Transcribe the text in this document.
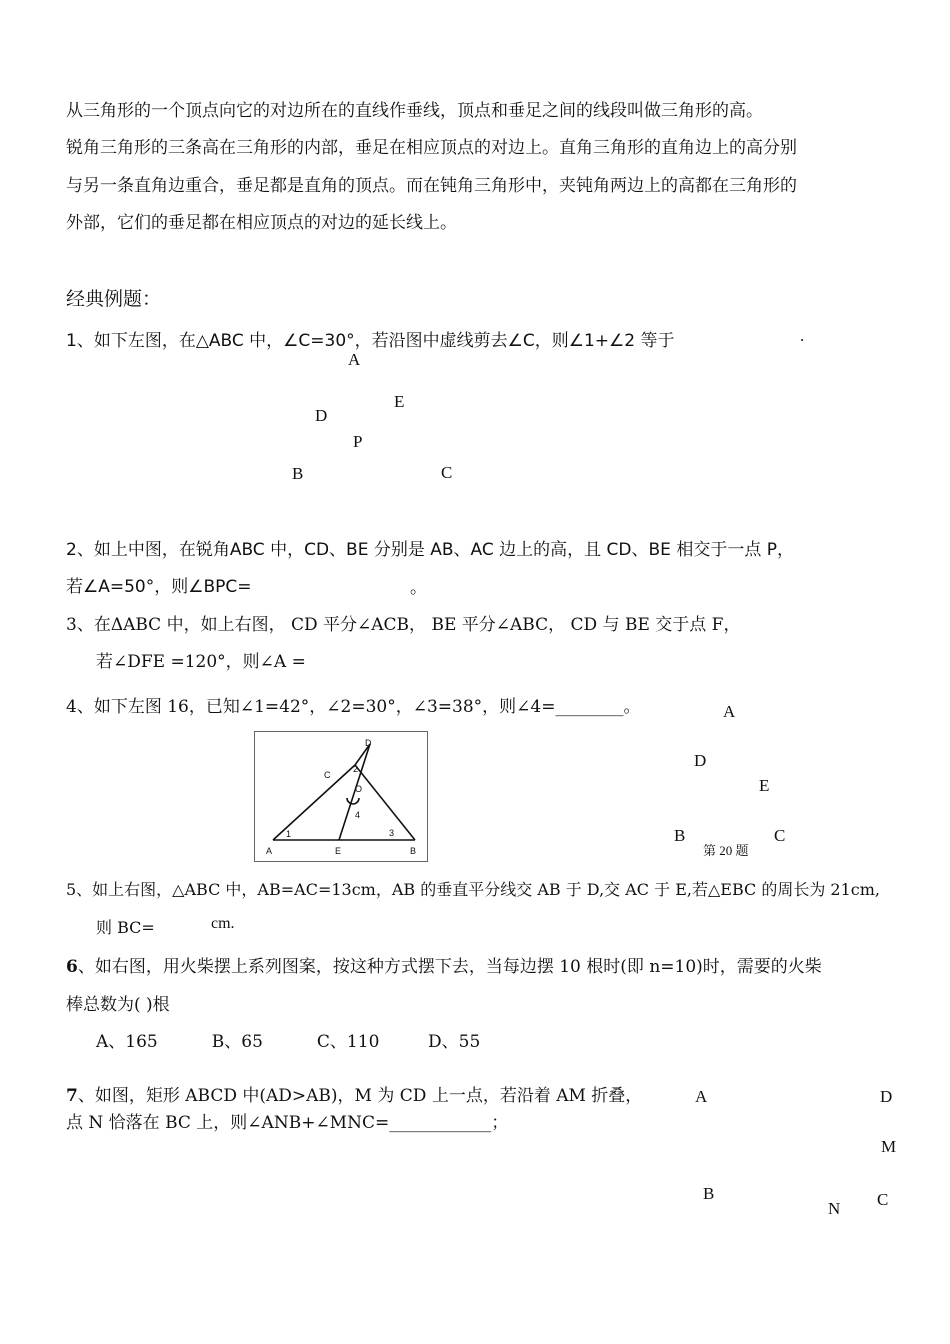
从三角形的一个顶点向它的对边所在的直线作垂线，顶点和垂足之间的线段叫做三角形的高。
锐角三角形的三条高在三角形的内部，垂足在相应顶点的对边上。直角三角形的直角边上的高分别
与另一条直角边重合，垂足都是直角的顶点。而在钝角三角形中，夹钝角两边上的高都在三角形的
外部，它们的垂足都在相应顶点的对边的延长线上。
经典例题：
1、如下左图，在△ABC 中，∠C=30°，若沿图中虚线剪去∠C，则∠1+∠2 等于	.
A
E
D
P
B	C
2、如上中图，在锐角ABC 中，CD、BE 分别是 AB、AC 边上的高，且 CD、BE 相交于一点 P，
若∠A=50°，则∠BPC=	。
3、在ΔABC 中，如上右图， CD 平分∠ACB， BE 平分∠ABC， CD 与 BE 交于点 F，
若∠DFE =120°，则∠A =
4、如下左图 16，已知∠1=42°，∠2=30°，∠3=38°，则∠4=________。
D
C
O
2
4
1	3
A	E	B
A
D
E
B	C
第 20 题
5、如上右图，△ABC 中，AB=AC=13cm，AB 的垂直平分线交 AB 于 D,交 AC 于 E,若△EBC 的周长为 21cm,
则 BC=	cm.
6、如右图，用火柴摆上系列图案，按这种方式摆下去，当每边摆 10 根时(即 n=10)时，需要的火柴
棒总数为( )根
A、165          B、65          C、110         D、55
7、如图，矩形 ABCD 中(AD>AB)，M 为 CD 上一点，若沿着 AM 折叠，
点 N 恰落在 BC 上，则∠ANB+∠MNC=____________；
A	D
M
B	C
N
